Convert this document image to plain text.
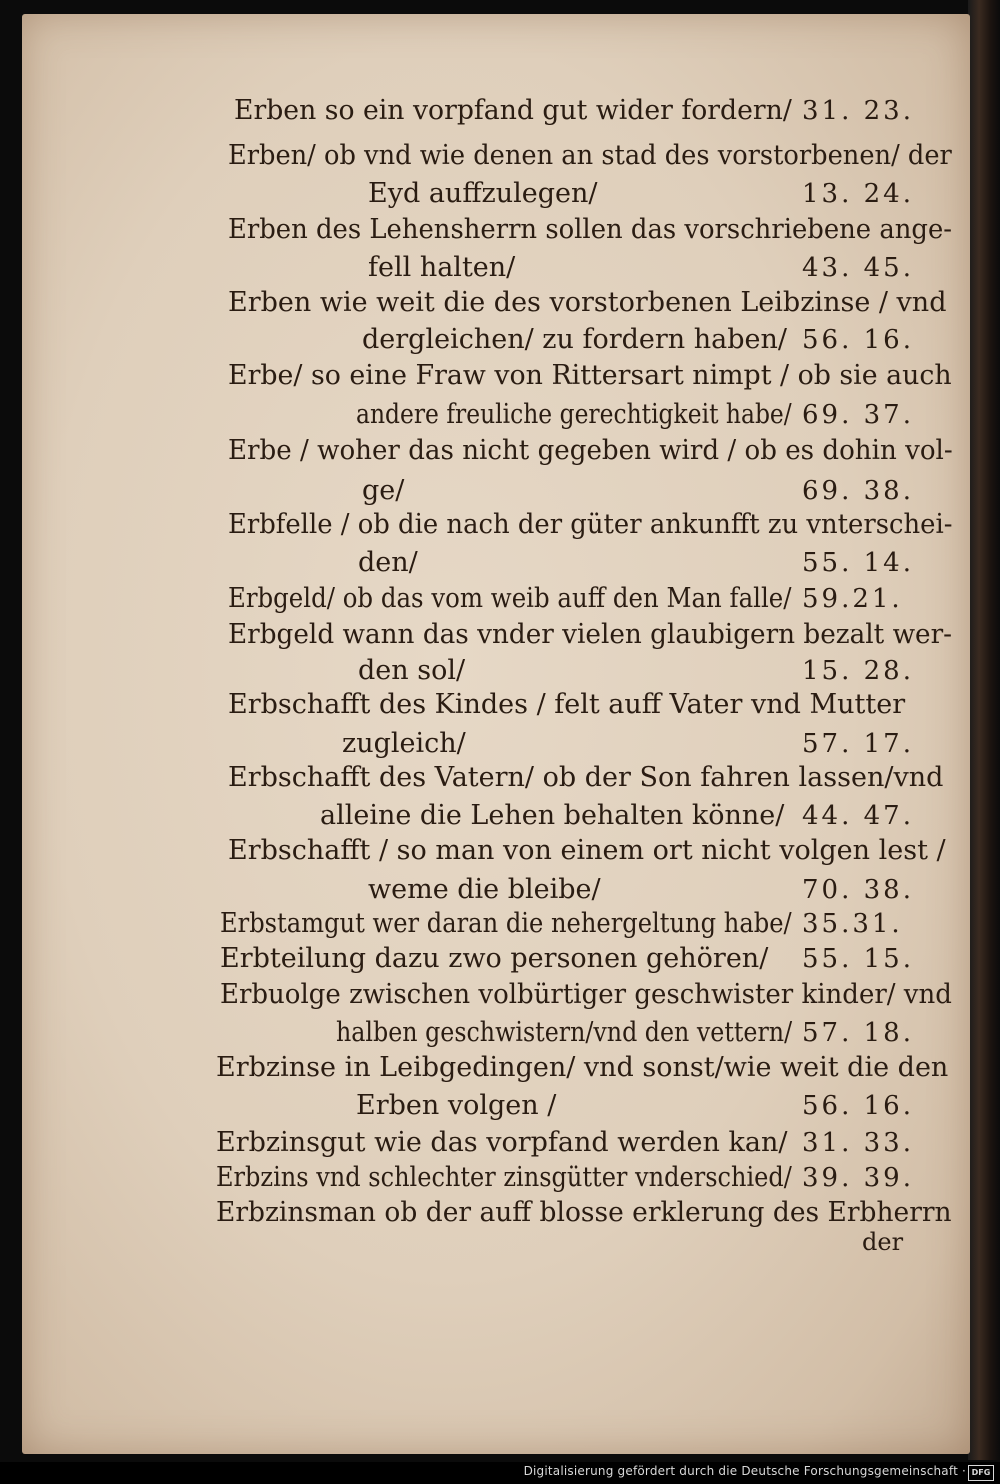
Erben so ein vorpfand gut wider fordern/ 31. 23.
Erben/ ob vnd wie denen an stad des vorstorbenen/ der
Eyd auffzulegen/	13. 24.
Erben des Lehensherrn sollen das vorschriebene ange-
fell halten/	43. 45.
Erben wie weit die des vorstorbenen Leibzinse / vnd
dergleichen/ zu fordern haben/ 56. 16.
Erbe/ so eine Fraw von Rittersart nimpt / ob sie auch
andere freuliche gerechtigkeit habe/ 69. 37.
Erbe / woher das nicht gegeben wird / ob es dohin vol-
ge/	69. 38.
Erbfelle / ob die nach der güter ankunfft zu vnterschei-
den/	55. 14.
Erbgeld/ ob das vom weib auff den Man falle/ 59.21.
Erbgeld wann das vnder vielen glaubigern bezalt wer-
den sol/	15. 28.
Erbschafft des Kindes / felt auff Vater vnd Mutter
zugleich/	57. 17.
Erbschafft des Vatern/ ob der Son fahren lassen/vnd
alleine die Lehen behalten könne/ 44. 47.
Erbschafft / so man von einem ort nicht volgen lest /
weme die bleibe/	70. 38.
Erbstamgut wer daran die nehergeltung habe/ 35.31.
Erbteilung dazu zwo personen gehören/ 55. 15.
Erbuolge zwischen volbürtiger geschwister kinder/ vnd
halben geschwistern/vnd den vettern/ 57. 18.
Erbzinse in Leibgedingen/ vnd sonst/wie weit die den
Erben volgen /	56. 16.
Erbzinsgut wie das vorpfand werden kan/ 31. 33.
Erbzins vnd schlechter zinsgütter vnderschied/ 39. 39.
Erbzinsman ob der auff blosse erklerung des Erbherrn
der
Digitalisierung gefördert durch die Deutsche Forschungsgemeinschaft · DFG
